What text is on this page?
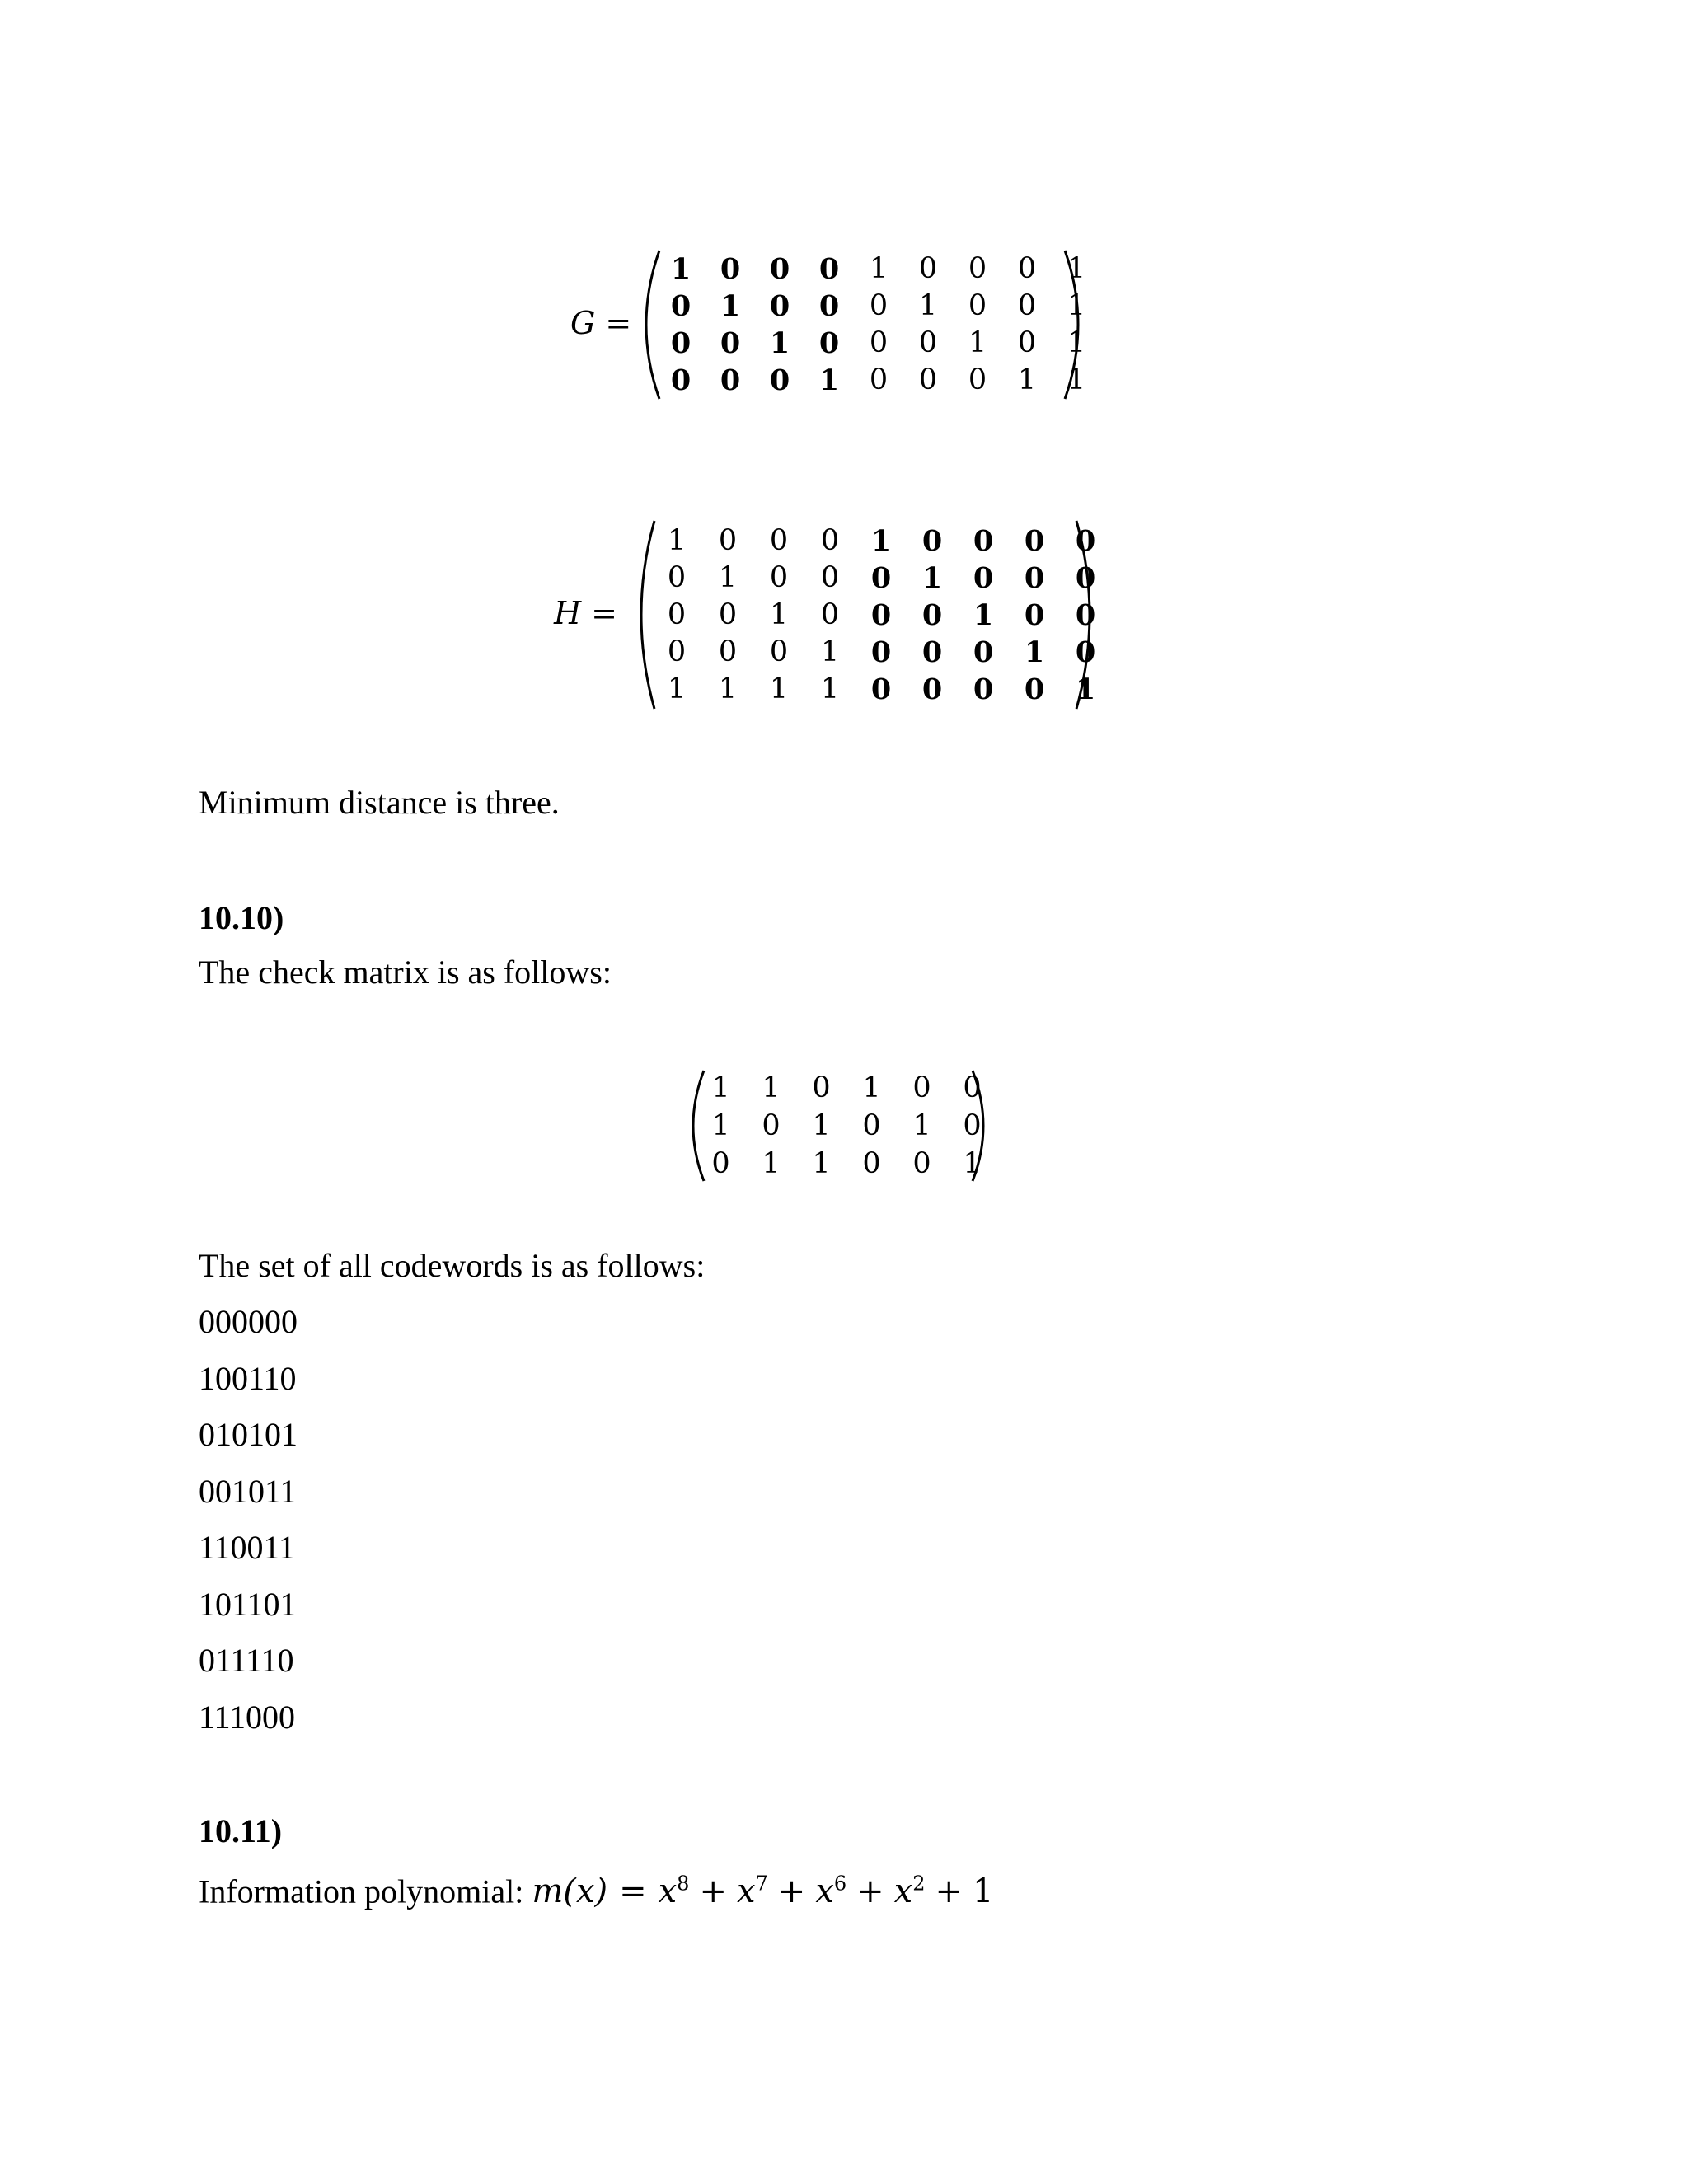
G =
1	0	0	0	1	0	0	0	1
0	1	0	0	0	1	0	0	1
0	0	1	0	0	0	1	0	1
0	0	0	1	0	0	0	1	1
H =
1	0	0	0	1	0	0	0	0
0	1	0	0	0	1	0	0	0
0	0	1	0	0	0	1	0	0
0	0	0	1	0	0	0	1	0
1	1	1	1	0	0	0	0	1
Minimum distance is three.
10.10)
The check matrix is as follows:
1	1	0	1	0	0
1	0	1	0	1	0
0	1	1	0	0	1
The set of all codewords is as follows:
000000
100110
010101
001011
110011
101101
011110
111000
10.11)
Information polynomial: $m(x) = x^8 + x^7 + x^6 + x^2 + 1$
